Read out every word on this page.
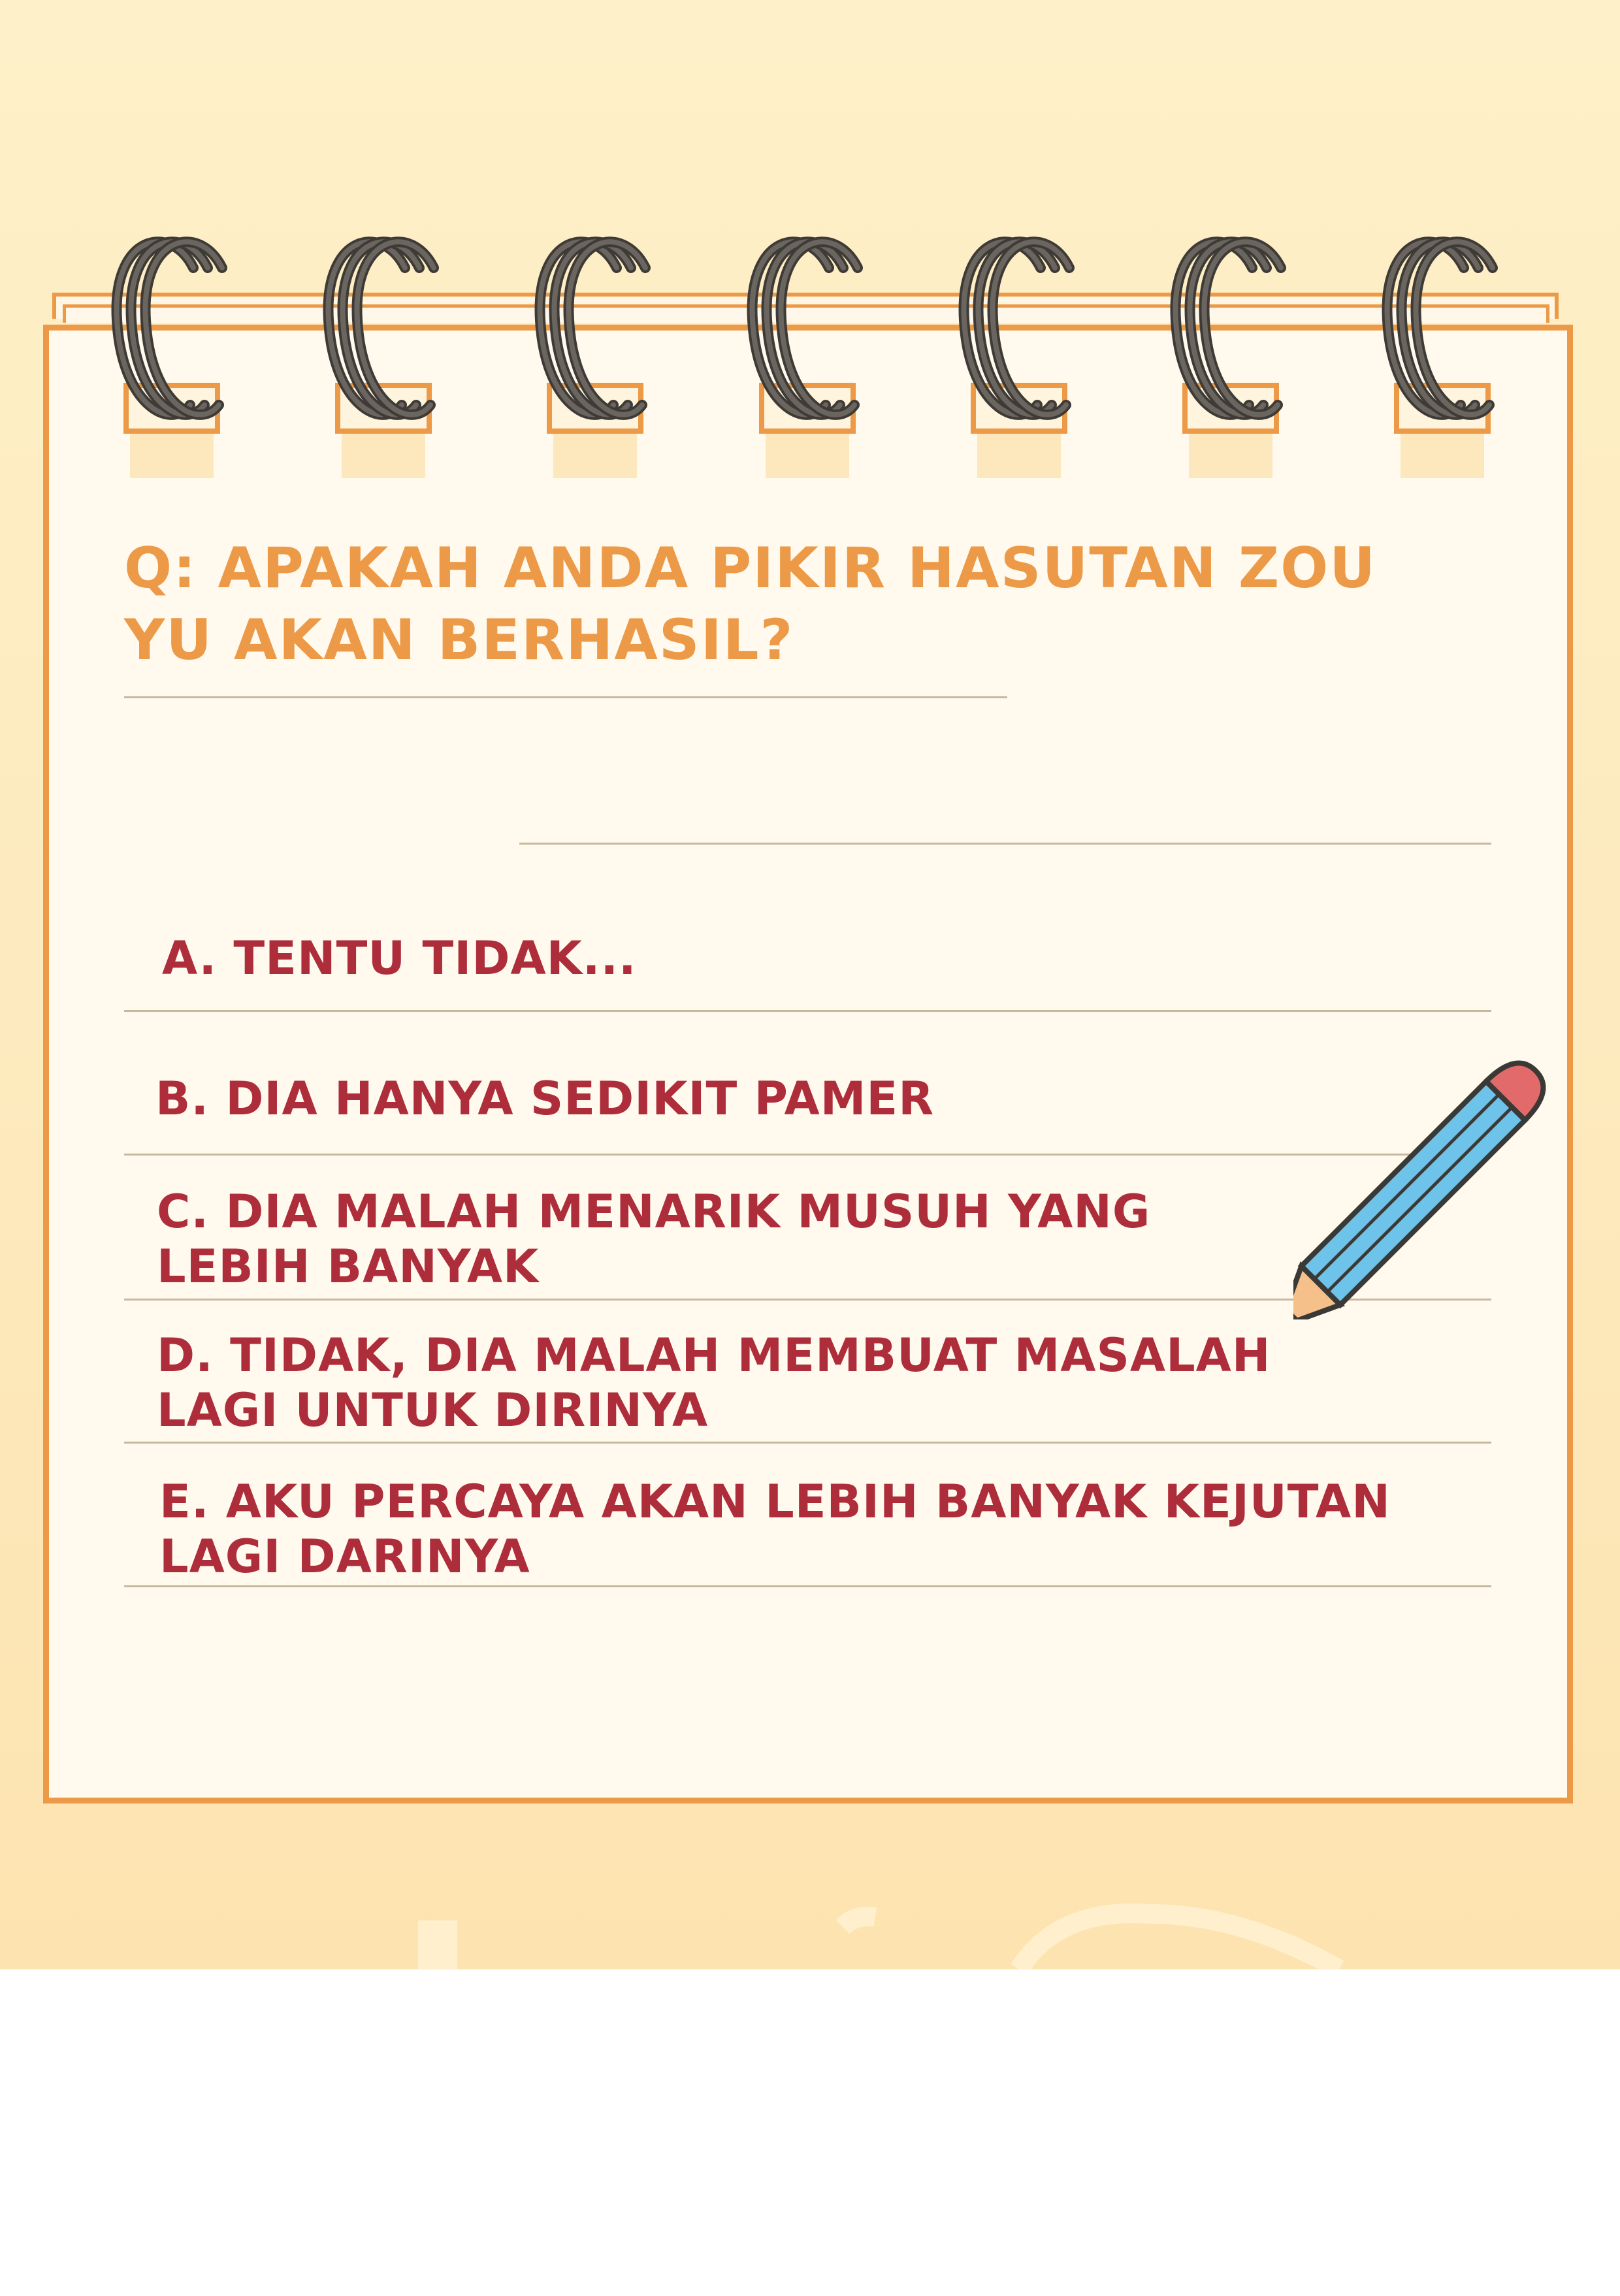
Q: APAKAH ANDA PIKIR HASUTAN ZOU YU AKAN BERHASIL?

A. TENTU TIDAK...

B. DIA HANYA SEDIKIT PAMER

C. DIA MALAH MENARIK MUSUH YANG LEBIH BANYAK

D. TIDAK, DIA MALAH MEMBUAT MASALAH LAGI UNTUK DIRINYA

E. AKU PERCAYA AKAN LEBIH BANYAK KEJUTAN LAGI DARINYA
